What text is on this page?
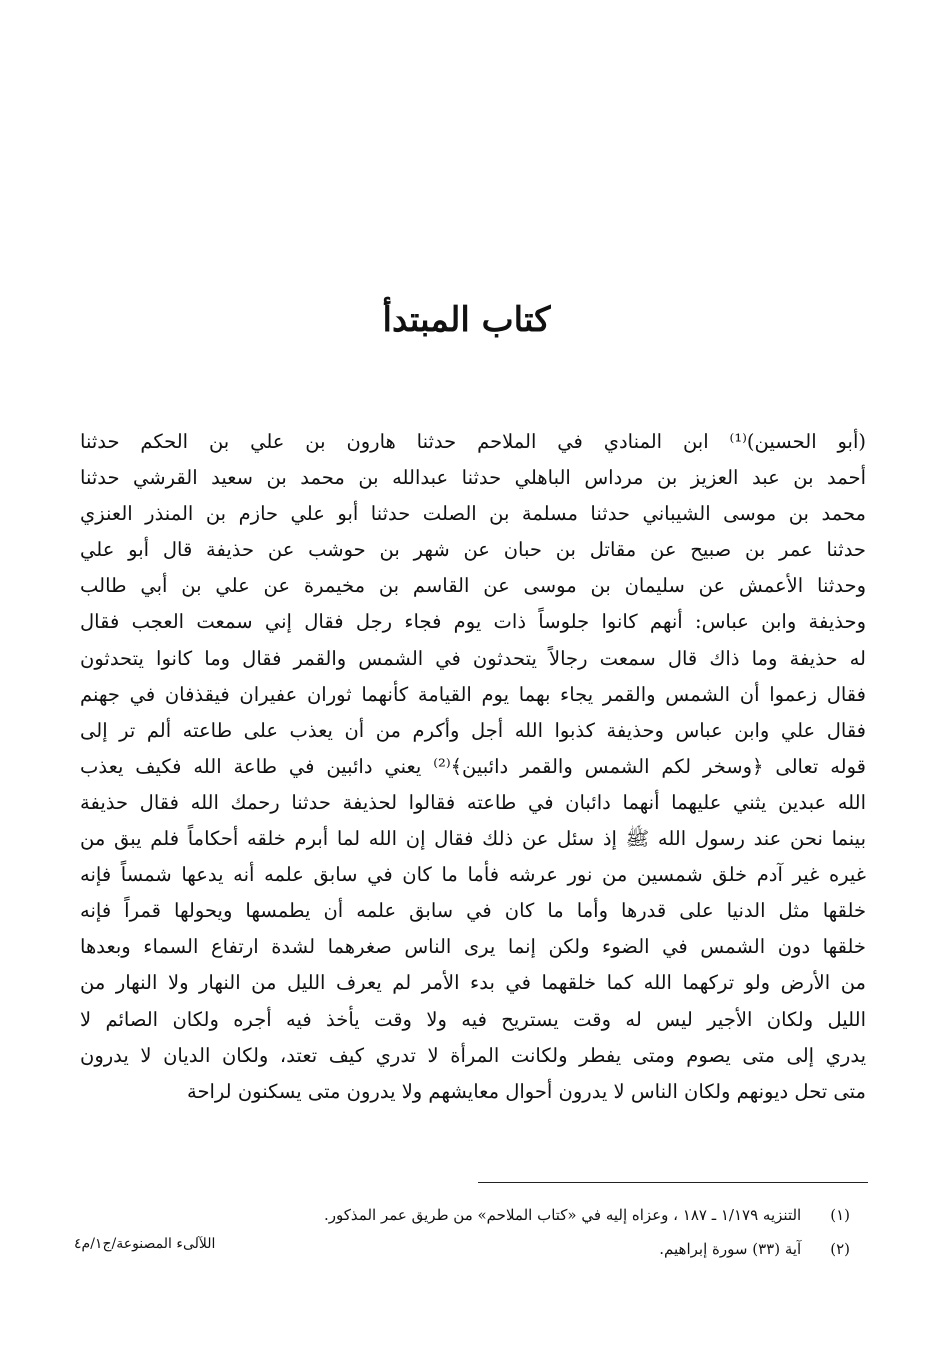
كتاب المبتدأ
(أبو الحسين)⁽¹⁾ ابن المنادي في الملاحم حدثنا هارون بن علي بن الحكم حدثنا
أحمد بن عبد العزيز بن مرداس الباهلي حدثنا عبدالله بن محمد بن سعيد القرشي حدثنا
محمد بن موسى الشيباني حدثنا مسلمة بن الصلت حدثنا أبو علي حازم بن المنذر العنزي
حدثنا عمر بن صبيح عن مقاتل بن حبان عن شهر بن حوشب عن حذيفة قال أبو علي
وحدثنا الأعمش عن سليمان بن موسى عن القاسم بن مخيمرة عن علي بن أبي طالب
وحذيفة وابن عباس: أنهم كانوا جلوساً ذات يوم فجاء رجل فقال إني سمعت العجب فقال
له حذيفة وما ذاك قال سمعت رجالاً يتحدثون في الشمس والقمر فقال وما كانوا يتحدثون
فقال زعموا أن الشمس والقمر يجاء بهما يوم القيامة كأنهما ثوران عفيران فيقذفان في جهنم
فقال علي وابن عباس وحذيفة كذبوا الله أجل وأكرم من أن يعذب على طاعته ألم تر إلى
قوله تعالى ﴿وسخر لكم الشمس والقمر دائبين﴾⁽²⁾ يعني دائبين في طاعة الله فكيف يعذب
الله عبدين يثني عليهما أنهما دائبان في طاعته فقالوا لحذيفة حدثنا رحمك الله فقال حذيفة
بينما نحن عند رسول الله ﷺ إذ سئل عن ذلك فقال إن الله لما أبرم خلقه أحكاماً فلم يبق من
غيره غير آدم خلق شمسين من نور عرشه فأما ما كان في سابق علمه أنه يدعها شمساً فإنه
خلقها مثل الدنيا على قدرها وأما ما كان في سابق علمه أن يطمسها ويحولها قمراً فإنه
خلقها دون الشمس في الضوء ولكن إنما يرى الناس صغرهما لشدة ارتفاع السماء وبعدها
من الأرض ولو تركهما الله كما خلقهما في بدء الأمر لم يعرف الليل من النهار ولا النهار من
الليل ولكان الأجير ليس له وقت يستريح فيه ولا وقت يأخذ فيه أجره ولكان الصائم لا
يدري إلى متى يصوم ومتى يفطر ولكانت المرأة لا تدري كيف تعتد، ولكان الديان لا يدرون
متى تحل ديونهم ولكان الناس لا يدرون أحوال معايشهم ولا يدرون متى يسكنون لراحة
(١) التنزيه ١/١٧٩ ـ ١٨٧ ، وعزاه إليه في «كتاب الملاحم» من طريق عمر المذكور.
(٢) آية (٣٣) سورة إبراهيم.
اللآلىء المصنوعة/ج١/م٤
